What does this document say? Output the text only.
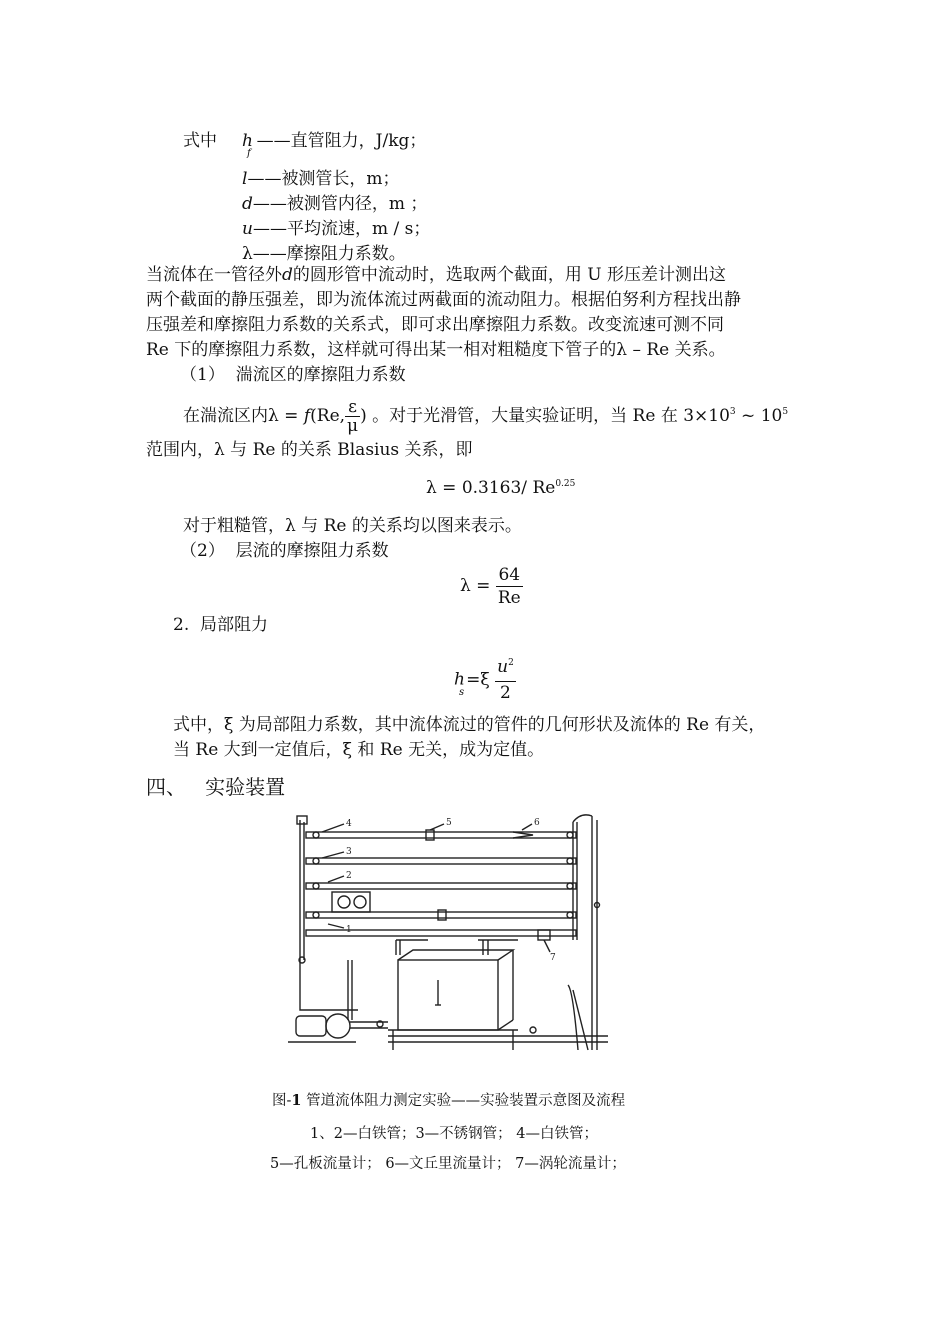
式中 $h_f——$直管阻力，J/kg；
l——被测管长，m；
d——被测管内径，m ；
u——平均流速，m / s；
λ——摩擦阻力系数。
当流体在一管径外d的圆形管中流动时，选取两个截面，用 U 形压差计测出这
两个截面的静压强差，即为流体流过两截面的流动阻力。根据伯努利方程找出静
压强差和摩擦阻力系数的关系式，即可求出摩擦阻力系数。改变流速可测不同
Re 下的摩擦阻力系数，这样就可得出某一相对粗糙度下管子的λ – Re 关系。
（1） 湍流区的摩擦阻力系数
在湍流区内λ = f(Re, $\frac{\varepsilon}{\mu}$ ) 。对于光滑管，大量实验证明，当 Re 在 $3\times 10^3$ ~ $10^5$
范围内，λ 与 Re 的关系 Blasius 关系，即
λ = 0.3163/ $Re^{0.25}$
对于粗糙管，λ 与 Re 的关系均以图来表示。
（2） 层流的摩擦阻力系数
$\lambda = \frac{64}{Re}$
2. 局部阻力
$h_s=\xi \frac{u^2}{2}$
式中，ξ 为局部阻力系数，其中流体流过的管件的几何形状及流体的 Re 有关，
当 Re 大到一定值后，ξ 和 Re 无关，成为定值。
四、 实验装置
4
3
2
1
5	6
7
图-1 管道流体阻力测定实验——实验装置示意图及流程
1、2—白铁管；3—不锈钢管； 4—白铁管；
5—孔板流量计； 6—文丘里流量计； 7—涡轮流量计；
